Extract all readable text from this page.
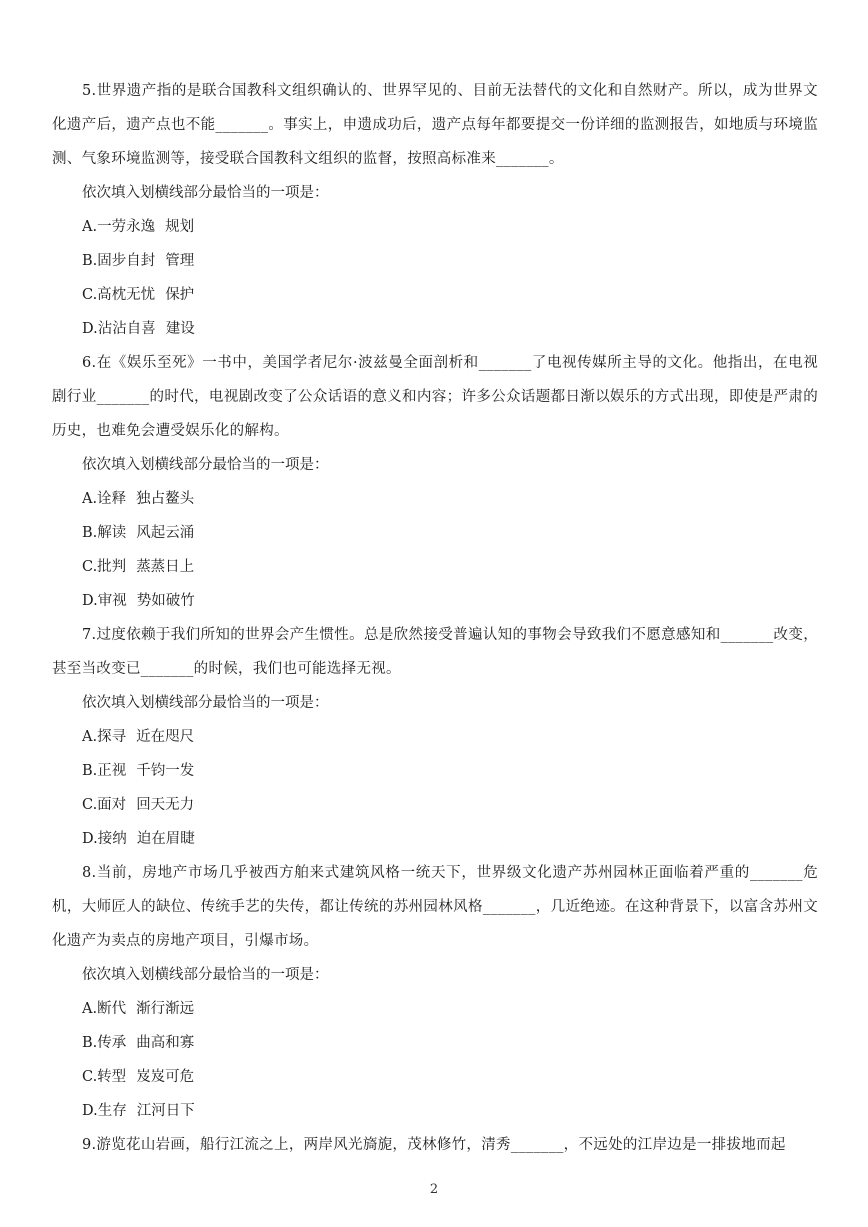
5.世界遗产指的是联合国教科文组织确认的、世界罕见的、目前无法替代的文化和自然财产。所以，成为世界文化遗产后，遗产点也不能_______。事实上，申遗成功后，遗产点每年都要提交一份详细的监测报告，如地质与环境监测、气象环境监测等，接受联合国教科文组织的监督，按照高标准来_______。

依次填入划横线部分最恰当的一项是：

A.一劳永逸 规划

B.固步自封 管理

C.高枕无忧 保护

D.沾沾自喜 建设

6.在《娱乐至死》一书中，美国学者尼尔·波兹曼全面剖析和_______了电视传媒所主导的文化。他指出，在电视剧行业_______的时代，电视剧改变了公众话语的意义和内容；许多公众话题都日渐以娱乐的方式出现，即使是严肃的历史，也难免会遭受娱乐化的解构。

依次填入划横线部分最恰当的一项是：

A.诠释 独占鳌头

B.解读 风起云涌

C.批判 蒸蒸日上

D.审视 势如破竹

7.过度依赖于我们所知的世界会产生惯性。总是欣然接受普遍认知的事物会导致我们不愿意感知和_______改变，甚至当改变已_______的时候，我们也可能选择无视。

依次填入划横线部分最恰当的一项是：

A.探寻 近在咫尺

B.正视 千钧一发

C.面对 回天无力

D.接纳 迫在眉睫

8.当前，房地产市场几乎被西方舶来式建筑风格一统天下，世界级文化遗产苏州园林正面临着严重的_______危机，大师匠人的缺位、传统手艺的失传，都让传统的苏州园林风格_______，几近绝迹。在这种背景下，以富含苏州文化遗产为卖点的房地产项目，引爆市场。

依次填入划横线部分最恰当的一项是：

A.断代 渐行渐远

B.传承 曲高和寡

C.转型 岌岌可危

D.生存 江河日下

9.游览花山岩画，船行江流之上，两岸风光旖旎，茂林修竹，清秀_______，不远处的江岸边是一排拔地而起

2
